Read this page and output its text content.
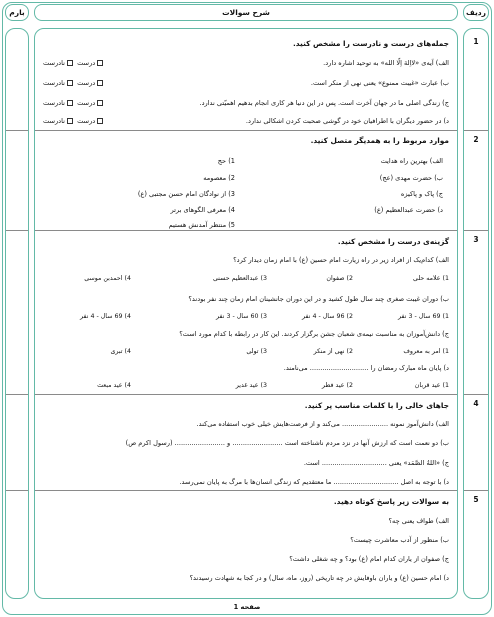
ردیف
شرح سوالات
بارم
1
2
3
4
5
جمله‌های درست و نادرست را مشخص کنید.
الف) آیه‌ی «لااِلهَ اِلّا الله» به توحید اشاره دارد.
درست نادرست
ب) عبارت «غیبت ممنوع» یعنی نهی از منکر است.
درست نادرست
ج) زندگی اصلی ما در جهان آخرت است. پس در این دنیا هر کاری انجام بدهیم اهمیّتی ندارد.
درست نادرست
د) در حضور دیگران با اطرافیان خود در گوشی صحبت کردن اشکالی ندارد.
درست نادرست
موارد مربوط را به همدیگر متصل کنید.
الف) بهترین راه هدایت
ب) حضرت مهدی (عج)
ج) پاک و پاکیزه
د) حضرت عبدالعظیم (ع)
1) حج
2) معصومه
3) از نوادگان امام حسن مجتبی (ع)
4) معرفی الگوهای برتر
5) منتظر آمدنش هستیم
گزینه‌ی درست را مشخص کنید.
الف) کدام‌یک از افراد زیر در راه زیارت امام حسین (ع) با امام زمان دیدار کرد؟
1) علامه حلی
2) صفوان
3) عبدالعظیم حسنی
4) احمدبن موسی
ب) دوران غیبت صغری چند سال طول کشید و در این دوران جانشینان امام زمان چند نفر بودند؟
1) 69 سال - 3 نفر
2) 96 سال - 4 نفر
3) 60 سال - 3 نفر
4) 69 سال - 4 نفر
ج) دانش‌آموزان به مناسبت نیمه‌ی شعبان جشن برگزار کردند. این کار در رابطه با کدام مورد است؟
1) امر به معروف
2) نهی از منکر
3) تولی
4) تبری
د) پایان ماه مبارک رمضان را ............................ می‌نامند.
1) عید قربان
2) عید فطر
3) عید غدیر
4) عید مبعث
جاهای خالی را با کلمات مناسب پر کنید.
الف) دانش‌آموز نمونه ...................... می‌کند و از فرصت‌هایش خیلی خوب استفاده می‌کند.
ب) دو نعمت است که ارزش آنها در نزد مردم ناشناخته است ........................ و ........................ (رسول اکرم ص)
ج) «اللهُ الصَّمَد» یعنی ............................... است.
د) با توجه به اصل ............................... ما معتقدیم که زندگی انسان‌ها با مرگ به پایان نمی‌رسد.
به سوالات زیر پاسخ کوتاه دهید.
الف) طواف یعنی چه؟
ب) منظور از آدب معاشرت چیست؟
ج) صفوان از یاران کدام امام (ع) بود؟ و چه شغلی داشت؟
د) امام حسین (ع) و یاران باوفایش در چه تاریخی (روز، ماه، سال) و در کجا به شهادت رسیدند؟
صفحه 1
